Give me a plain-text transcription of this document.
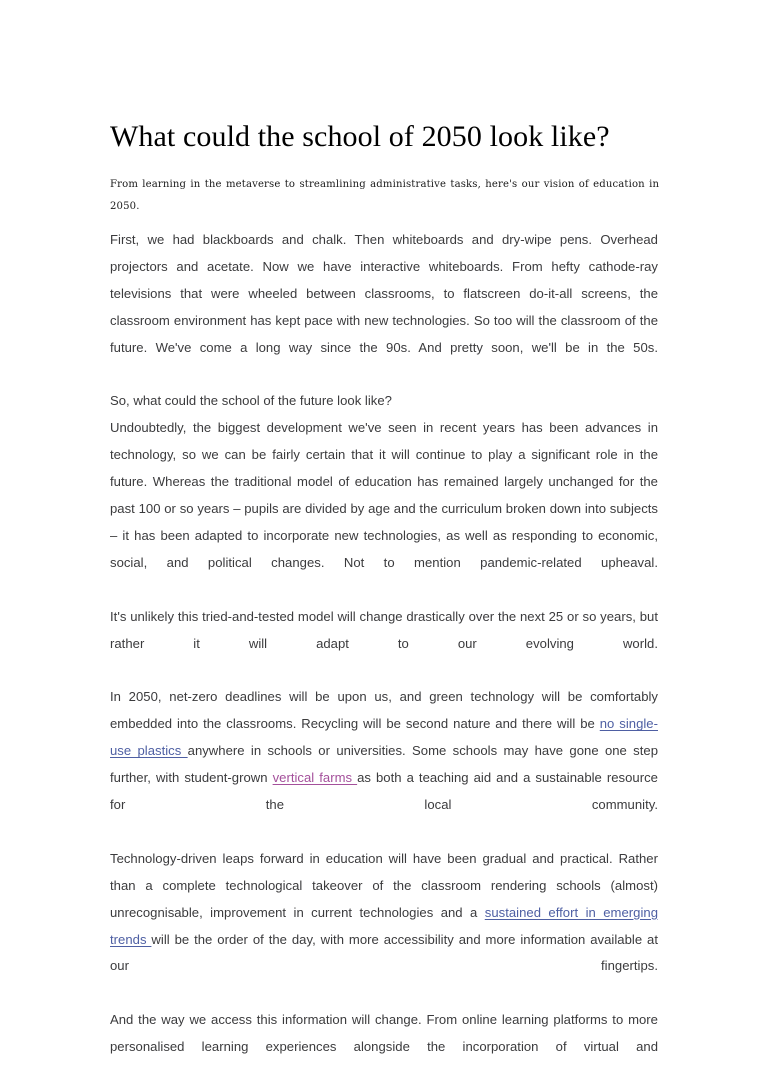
What could the school of 2050 look like?

From learning in the metaverse to streamlining administrative tasks, here's our vision of education in 2050.

First, we had blackboards and chalk. Then whiteboards and dry-wipe pens. Overhead projectors and acetate. Now we have interactive whiteboards. From hefty cathode-ray televisions that were wheeled between classrooms, to flatscreen do-it-all screens, the classroom environment has kept pace with new technologies. So too will the classroom of the future. We've come a long way since the 90s. And pretty soon, we'll be in the 50s.

So, what could the school of the future look like?

Undoubtedly, the biggest development we've seen in recent years has been advances in technology, so we can be fairly certain that it will continue to play a significant role in the future. Whereas the traditional model of education has remained largely unchanged for the past 100 or so years – pupils are divided by age and the curriculum broken down into subjects – it has been adapted to incorporate new technologies, as well as responding to economic, social, and political changes. Not to mention pandemic-related upheaval.

It's unlikely this tried-and-tested model will change drastically over the next 25 or so years, but rather it will adapt to our evolving world.

In 2050, net-zero deadlines will be upon us, and green technology will be comfortably embedded into the classrooms. Recycling will be second nature and there will be no single-use plastics anywhere in schools or universities. Some schools may have gone one step further, with student-grown vertical farms as both a teaching aid and a sustainable resource for the local community.

Technology-driven leaps forward in education will have been gradual and practical. Rather than a complete technological takeover of the classroom rendering schools (almost) unrecognisable, improvement in current technologies and a sustained effort in emerging trends will be the order of the day, with more accessibility and more information available at our fingertips.

And the way we access this information will change. From online learning platforms to more personalised learning experiences alongside the incorporation of virtual and
